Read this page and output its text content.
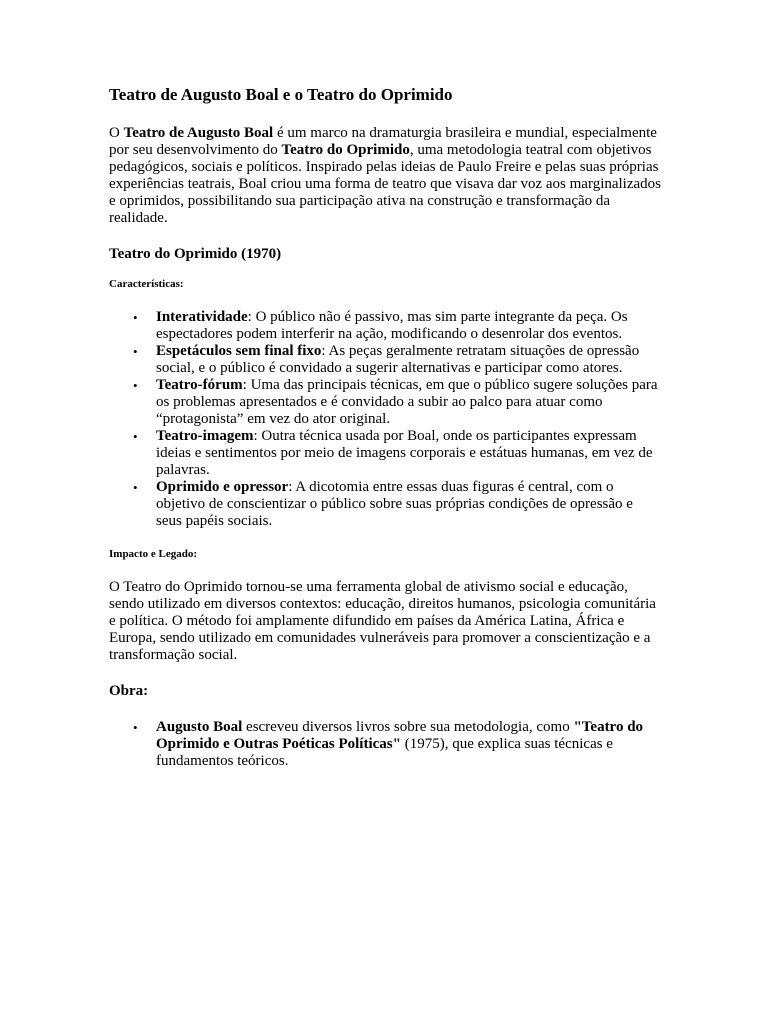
Teatro de Augusto Boal e o Teatro do Oprimido

O Teatro de Augusto Boal é um marco na dramaturgia brasileira e mundial, especialmente por seu desenvolvimento do Teatro do Oprimido, uma metodologia teatral com objetivos pedagógicos, sociais e políticos. Inspirado pelas ideias de Paulo Freire e pelas suas próprias experiências teatrais, Boal criou uma forma de teatro que visava dar voz aos marginalizados e oprimidos, possibilitando sua participação ativa na construção e transformação da realidade.

Teatro do Oprimido (1970)
Características:
• Interatividade: O público não é passivo, mas sim parte integrante da peça. Os espectadores podem interferir na ação, modificando o desenrolar dos eventos.
• Espetáculos sem final fixo: As peças geralmente retratam situações de opressão social, e o público é convidado a sugerir alternativas e participar como atores.
• Teatro-fórum: Uma das principais técnicas, em que o público sugere soluções para os problemas apresentados e é convidado a subir ao palco para atuar como “protagonista” em vez do ator original.
• Teatro-imagem: Outra técnica usada por Boal, onde os participantes expressam ideias e sentimentos por meio de imagens corporais e estátuas humanas, em vez de palavras.
• Oprimido e opressor: A dicotomia entre essas duas figuras é central, com o objetivo de conscientizar o público sobre suas próprias condições de opressão e seus papéis sociais.
Impacto e Legado:

O Teatro do Oprimido tornou-se uma ferramenta global de ativismo social e educação, sendo utilizado em diversos contextos: educação, direitos humanos, psicologia comunitária e política. O método foi amplamente difundido em países da América Latina, África e Europa, sendo utilizado em comunidades vulneráveis para promover a conscientização e a transformação social.

Obra:
• Augusto Boal escreveu diversos livros sobre sua metodologia, como "Teatro do Oprimido e Outras Poéticas Políticas" (1975), que explica suas técnicas e fundamentos teóricos.
